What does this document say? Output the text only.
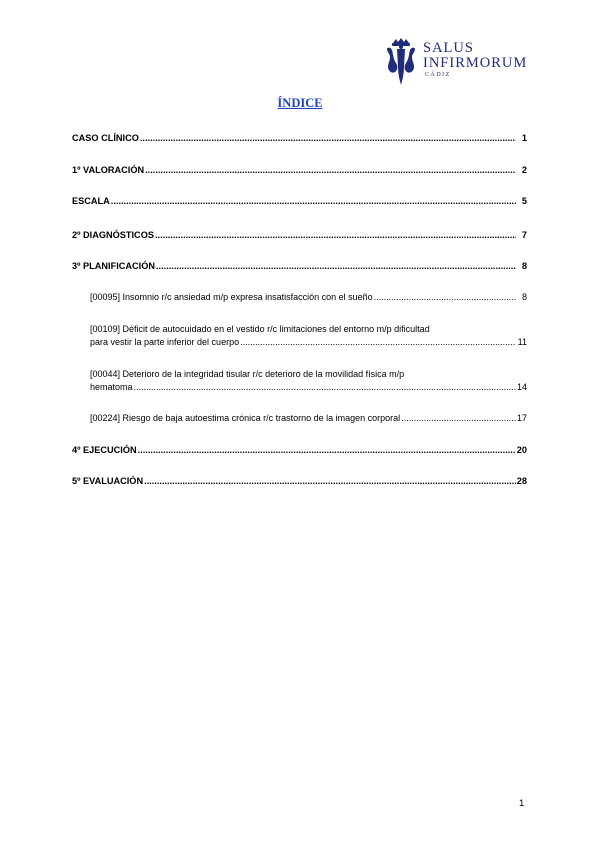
SALUS
INFIRMORUM
CÁDIZ
ÍNDICE
CASO CLÍNICO .....	1
1º VALORACIÓN .....	2
ESCALA .....	5
2º DIAGNÓSTICOS .....	7
3º PLANIFICACIÓN .....	8
[00095] Insomnio r/c ansiedad m/p expresa insatisfacción con el sueño .....	8
[00109] Déficit de autocuidado en el vestido r/c limitaciones del entorno m/p dificultad
para vestir la parte inferior del cuerpo .....	11
[00044] Deterioro de la integridad tisular r/c deterioro de la movilidad física m/p
hematoma .....	14
[00224] Riesgo de baja autoestima crónica r/c trastorno de la imagen corporal .....	17
4º EJECUCIÓN .....	20
5º EVALUACIÓN .....	28
1
